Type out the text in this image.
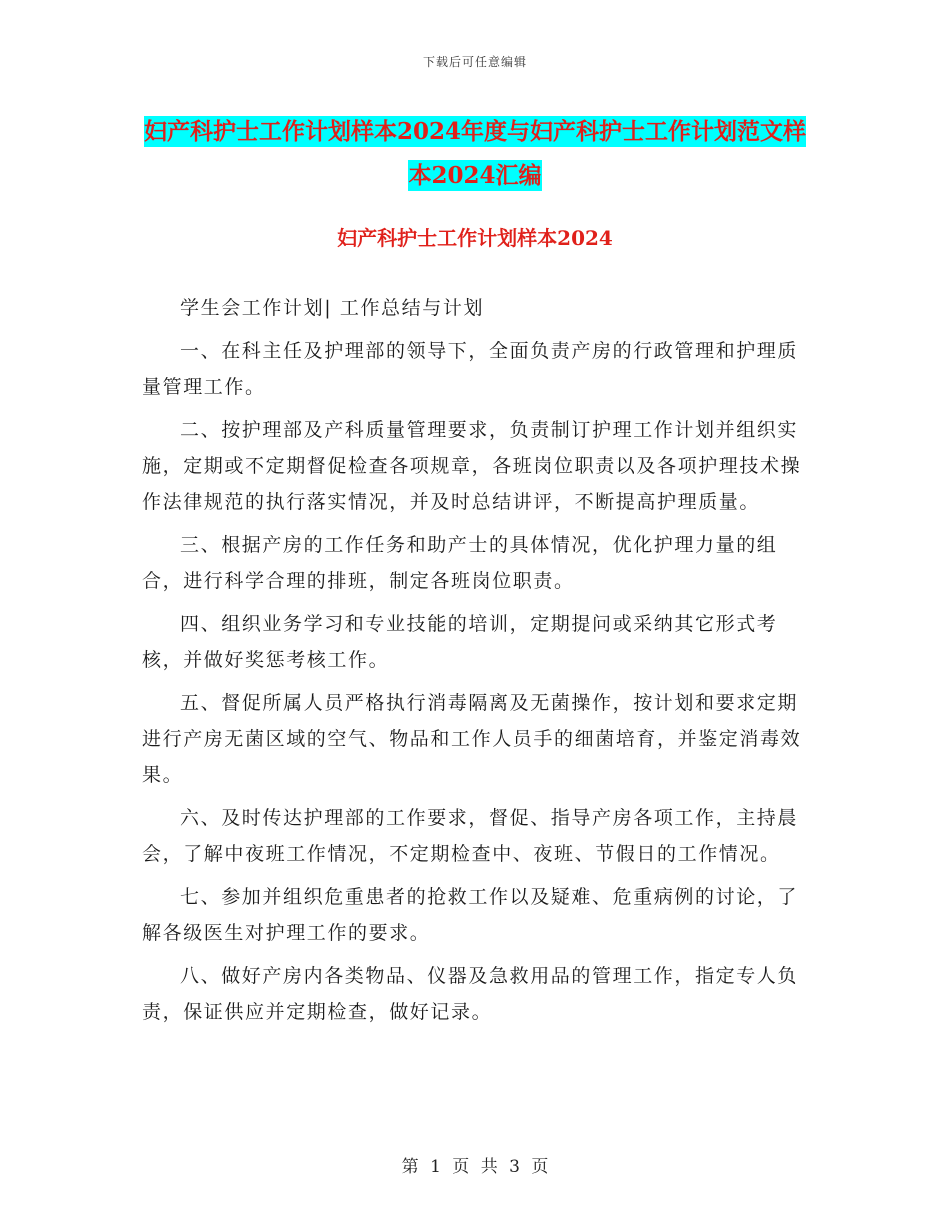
下载后可任意编辑
妇产科护士工作计划样本2024年度与妇产科护士工作计划范文样本2024汇编
妇产科护士工作计划样本2024

学生会工作计划| 工作总结与计划

一、在科主任及护理部的领导下，全面负责产房的行政管理和护理质量管理工作。

二、按护理部及产科质量管理要求，负责制订护理工作计划并组织实施，定期或不定期督促检查各项规章，各班岗位职责以及各项护理技术操作法律规范的执行落实情况，并及时总结讲评，不断提高护理质量。

三、根据产房的工作任务和助产士的具体情况，优化护理力量的组合，进行科学合理的排班，制定各班岗位职责。

四、组织业务学习和专业技能的培训，定期提问或采纳其它形式考核，并做好奖惩考核工作。

五、督促所属人员严格执行消毒隔离及无菌操作，按计划和要求定期进行产房无菌区域的空气、物品和工作人员手的细菌培育，并鉴定消毒效果。

六、及时传达护理部的工作要求，督促、指导产房各项工作，主持晨会，了解中夜班工作情况，不定期检查中、夜班、节假日的工作情况。

七、参加并组织危重患者的抢救工作以及疑难、危重病例的讨论，了解各级医生对护理工作的要求。

八、做好产房内各类物品、仪器及急救用品的管理工作，指定专人负责，保证供应并定期检查，做好记录。

第 1 页 共 3 页
